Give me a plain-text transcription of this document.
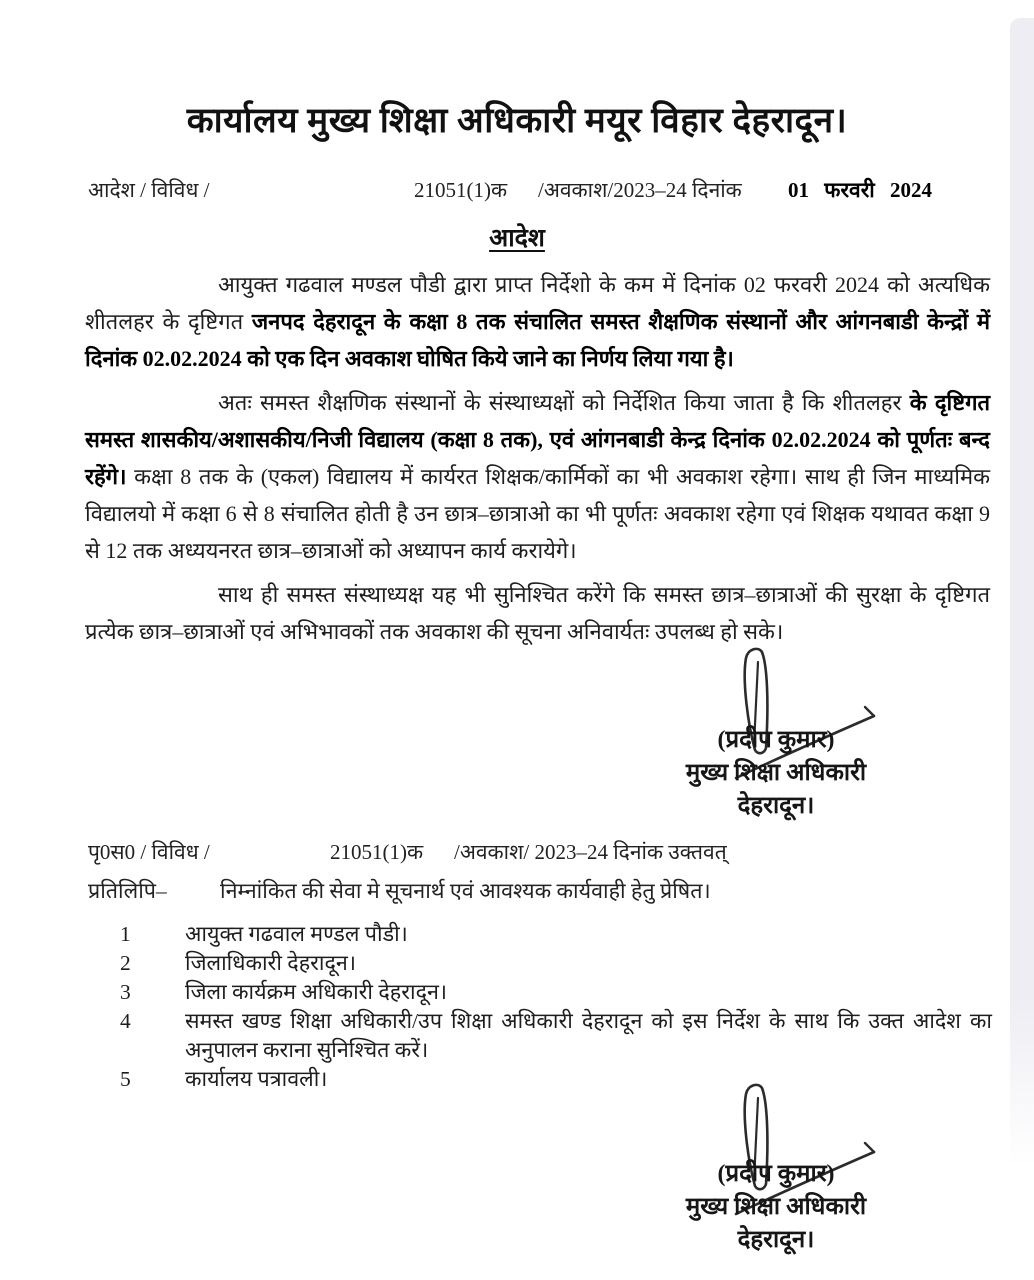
कार्यालय मुख्य शिक्षा अधिकारी मयूर विहार देहरादून।
आदेश / विविध /	21051(1)क /अवकाश/2023–24 दिनांक 01 फरवरी 2024
आदेश

आयुक्त गढवाल मण्डल पौडी द्वारा प्राप्त निर्देशो के कम में दिनांक 02 फरवरी 2024 को अत्यधिक शीतलहर के दृष्टिगत जनपद देहरादून के कक्षा 8 तक संचालित समस्त शैक्षणिक संस्थानों और आंगनबाडी केन्द्रों में दिनांक 02.02.2024 को एक दिन अवकाश घोषित किये जाने का निर्णय लिया गया है।

अतः समस्त शैक्षणिक संस्थानों के संस्थाध्यक्षों को निर्देशित किया जाता है कि शीतलहर के दृष्टिगत समस्त शासकीय/अशासकीय/निजी विद्यालय (कक्षा 8 तक), एवं आंगनबाडी केन्द्र दिनांक 02.02.2024 को पूर्णतः बन्द रहेंगे। कक्षा 8 तक के (एकल) विद्यालय में कार्यरत शिक्षक/कार्मिकों का भी अवकाश रहेगा। साथ ही जिन माध्यमिक विद्यालयो में कक्षा 6 से 8 संचालित होती है उन छात्र–छात्राओ का भी पूर्णतः अवकाश रहेगा एवं शिक्षक यथावत कक्षा 9 से 12 तक अध्ययनरत छात्र–छात्राओं को अध्यापन कार्य करायेगे।

साथ ही समस्त संस्थाध्यक्ष यह भी सुनिश्चित करेंगे कि समस्त छात्र–छात्राओं की सुरक्षा के दृष्टिगत प्रत्येक छात्र–छात्राओं एवं अभिभावकों तक अवकाश की सूचना अनिवार्यतः उपलब्ध हो सके।

(प्रदीप कुमार)
मुख्य शिक्षा अधिकारी
देहरादून।
पृ0स0 / विविध /	21051(1)क /अवकाश/ 2023–24 दिनांक उक्तवत्
प्रतिलिपि– निम्नांकित की सेवा मे सूचनार्थ एवं आवश्यक कार्यवाही हेतु प्रेषित।
1	आयुक्त गढवाल मण्डल पौडी।
2	जिलाधिकारी देहरादून।
3	जिला कार्यक्रम अधिकारी देहरादून।
4	समस्त खण्ड शिक्षा अधिकारी/उप शिक्षा अधिकारी देहरादून को इस निर्देश के साथ कि उक्त आदेश का अनुपालन कराना सुनिश्चित करें।
5	कार्यालय पत्रावली।
(प्रदीप कुमार)
मुख्य शिक्षा अधिकारी
देहरादून।
